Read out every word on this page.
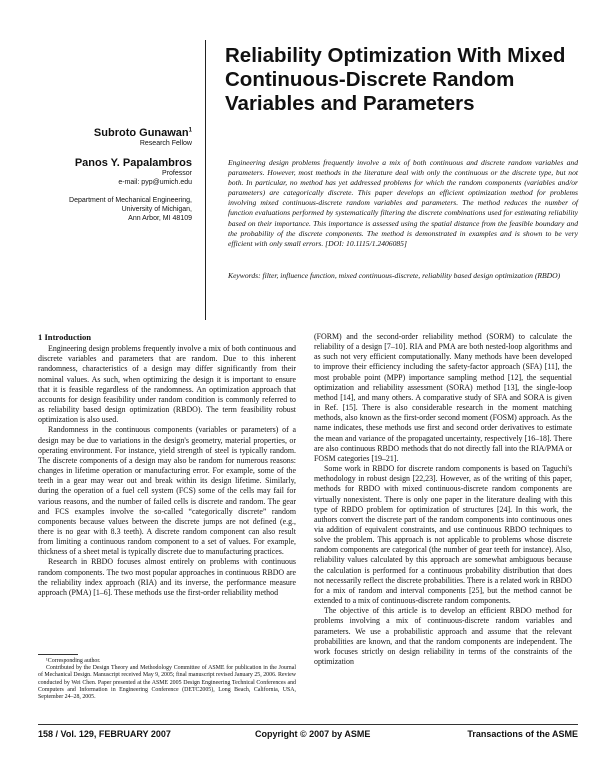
Reliability Optimization With Mixed Continuous-Discrete Random Variables and Parameters
Subroto Gunawan$^1$
Research Fellow
Panos Y. Papalambros
Professor
e-mail: pyp@umich.edu
Department of Mechanical Engineering,
University of Michigan,
Ann Arbor, MI 48109
Engineering design problems frequently involve a mix of both continuous and discrete random variables and parameters. However, most methods in the literature deal with only the continuous or the discrete type, but not both. In particular, no method has yet addressed problems for which the random components (variables and/or parameters) are categorically discrete. This paper develops an efficient optimization method for problems involving mixed continuous-discrete random variables and parameters. The method reduces the number of function evaluations performed by systematically filtering the discrete combinations used for estimating reliability based on their importance. This importance is assessed using the spatial distance from the feasible boundary and the probability of the discrete components. The method is demonstrated in examples and is shown to be very efficient with only small errors. [DOI: 10.1115/1.2406085]
Keywords: filter, influence function, mixed continuous-discrete, reliability based design optimization (RBDO)
1 Introduction

Engineering design problems frequently involve a mix of both continuous and discrete variables and parameters that are random. Due to this inherent randomness, characteristics of a design may differ significantly from their nominal values. As such, when optimizing the design it is important to ensure that it is feasible regardless of the randomness. An optimization approach that accounts for design feasibility under random condition is commonly referred to as reliability based design optimization (RBDO). The term feasibility robust optimization is also used.

Randomness in the continuous components (variables or parameters) of a design may be due to variations in the design's geometry, material properties, or operating environment. For instance, yield strength of steel is typically random. The discrete components of a design may also be random for numerous reasons: changes in lifetime operation or manufacturing error. For example, some of the teeth in a gear may wear out and break within its design lifetime. Similarly, during the operation of a fuel cell system (FCS) some of the cells may fail for various reasons, and the number of failed cells is discrete and random. The gear and FCS examples involve the so-called “categorically discrete” random components because values between the discrete jumps are not defined (e.g., there is no gear with 8.3 teeth). A discrete random component can also result from limiting a continuous random component to a set of values. For example, thickness of a sheet metal is typically discrete due to manufacturing practices.

Research in RBDO focuses almost entirely on problems with continuous random components. The two most popular approaches in continuous RBDO are the reliability index approach (RIA) and its inverse, the performance measure approach (PMA) [1–6]. These methods use the first-order reliability method

¹Corresponding author.

Contributed by the Design Theory and Methodology Committee of ASME for publication in the Journal of Mechanical Design. Manuscript received May 9, 2005; final manuscript revised January 25, 2006. Review conducted by Wei Chen. Paper presented at the ASME 2005 Design Engineering Technical Conferences and Computers and Information in Engineering Conference (DETC2005), Long Beach, California, USA, September 24–28, 2005.

(FORM) and the second-order reliability method (SORM) to calculate the reliability of a design [7–10]. RIA and PMA are both nested-loop algorithms and as such not very efficient computationally. Many methods have been developed to improve their efficiency including the safety-factor approach (SFA) [11], the most probable point (MPP) importance sampling method [12], the sequential optimization and reliability assessment (SORA) method [13], the single-loop method [14], and many others. A comparative study of SFA and SORA is given in Ref. [15]. There is also considerable research in the moment matching methods, also known as the first-order second moment (FOSM) approach. As the name indicates, these methods use first and second order derivatives to estimate the mean and variance of the propagated uncertainty, respectively [16–18]. There are also continuous RBDO methods that do not directly fall into the RIA/PMA or FOSM categories [19–21].

Some work in RBDO for discrete random components is based on Taguchi's methodology in robust design [22,23]. However, as of the writing of this paper, methods for RBDO with mixed continuous-discrete random components are virtually nonexistent. There is only one paper in the literature dealing with this type of RBDO problem for optimization of structures [24]. In this work, the authors convert the discrete part of the random components into continuous ones via addition of equivalent constraints, and use continuous RBDO techniques to solve the problem. This approach is not applicable to problems whose discrete random components are categorical (the number of gear teeth for instance). Also, reliability values calculated by this approach are somewhat ambiguous because the calculation is performed for a continuous probability distribution that does not necessarily reflect the discrete probabilities. There is a related work in RBDO for a mix of random and interval components [25], but the method cannot be extended to a mix of continuous-discrete random components.

The objective of this article is to develop an efficient RBDO method for problems involving a mix of continuous-discrete random variables and parameters. We use a probabilistic approach and assume that the relevant probabilities are known, and that the random components are independent. The work focuses strictly on design reliability in terms of the constraints of the optimization

158 / Vol. 129, FEBRUARY 2007	Copyright © 2007 by ASME	Transactions of the ASME
